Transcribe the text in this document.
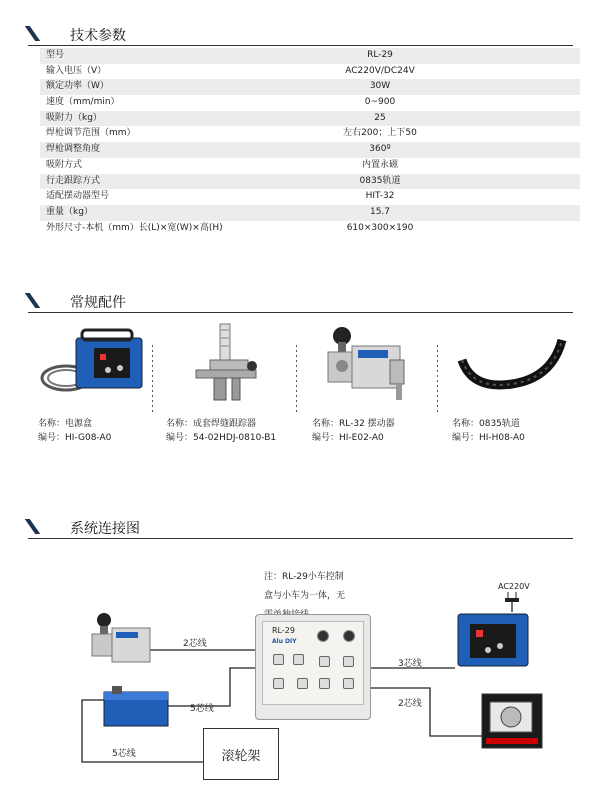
技术参数
型号	RL-29
输入电压（V）	AC220V/DC24V
额定功率（W）	30W
速度（mm/min）	0~900
吸附力（kg）	25
焊枪调节范围（mm）	左右200；上下50
焊枪调整角度	360º
吸附方式	内置永磁
行走跟踪方式	0835轨道
适配摆动器型号	HIT-32
重量（kg）	15.7
外形尺寸-本机（mm）长(L)×宽(W)×高(H)	610×300×190
常规配件
名称：电源盒
编号：HI-G08-A0
名称：成套焊缝跟踪器
编号：54-02HDJ-0810-B1
名称：RL-32 摆动器
编号：HI-E02-A0
名称：0835轨道
编号：HI-H08-A0
系统连接图
注：RL-29小车控制
盒与小车为一体，无
2芯线
5芯线
5芯线
3芯线
2芯线
AC220V
RL-29
Alu DIY
滚轮架
